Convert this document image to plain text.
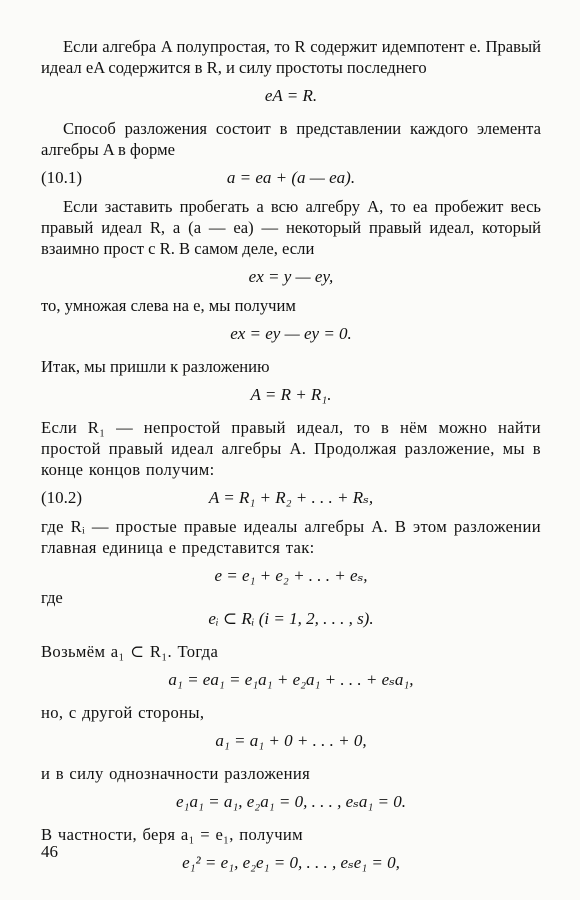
Если алгебра A полупростая, то R содержит идемпотент e. Правый идеал eA содержится в R, и силу простоты последнего
eA = R.
Способ разложения состоит в представлении каждого элемента алгебры A в форме
(10.1)	a = ea + (a — ea).
Если заставить пробегать a всю алгебру A, то ea пробежит весь правый идеал R, а (a — ea) — некоторый правый идеал, который взаимно прост с R. В самом деле, если
ex = y — ey,
то, умножая слева на e, мы получим
ex = ey — ey = 0.
Итак, мы пришли к разложению
A = R + R₁.
Если R₁ — непростой правый идеал, то в нём можно найти простой правый идеал алгебры A. Продолжая разложение, мы в конце концов получим:
(10.2)	A = R₁ + R₂ + . . . + Rₛ,
где Rᵢ — простые правые идеалы алгебры A. В этом разложении главная единица e представится так:
e = e₁ + e₂ + . . . + eₛ,
где
eᵢ ⊂ Rᵢ (i = 1, 2, . . . , s).
Возьмём a₁ ⊂ R₁. Тогда
a₁ = ea₁ = e₁a₁ + e₂a₁ + . . . + eₛa₁,
но, с другой стороны,
a₁ = a₁ + 0 + . . . + 0,
и в силу однозначности разложения
e₁a₁ = a₁, e₂a₁ = 0, . . . , eₛa₁ = 0.
В частности, беря a₁ = e₁, получим
e₁² = e₁, e₂e₁ = 0, . . . , eₛe₁ = 0,
46
